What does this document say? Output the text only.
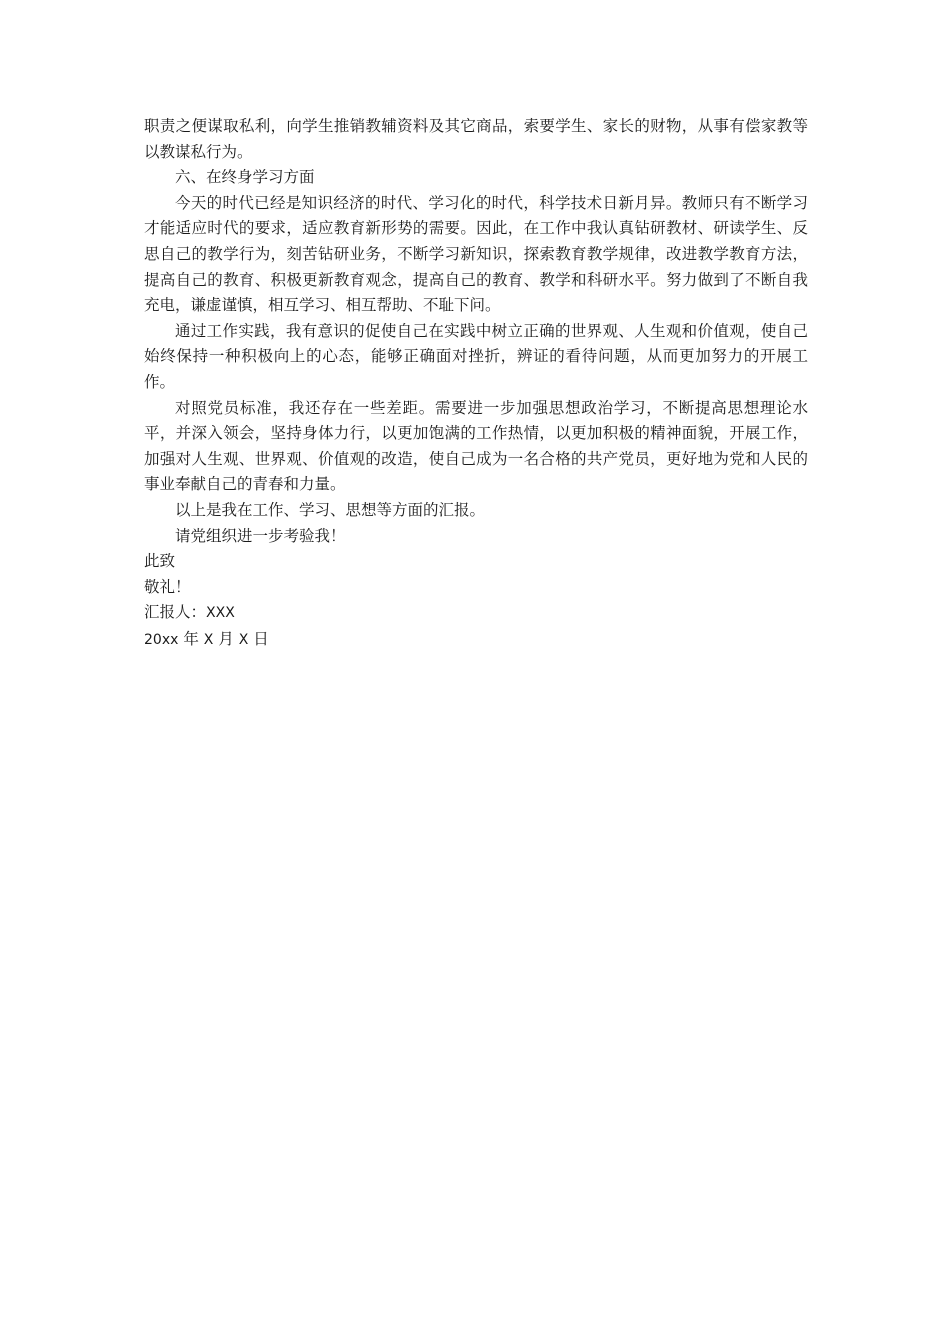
职责之便谋取私利，向学生推销教辅资料及其它商品，索要学生、家长的财物，从事有偿家教等以教谋私行为。

六、在终身学习方面

今天的时代已经是知识经济的时代、学习化的时代，科学技术日新月异。教师只有不断学习才能适应时代的要求，适应教育新形势的需要。因此，在工作中我认真钻研教材、研读学生、反思自己的教学行为，刻苦钻研业务，不断学习新知识，探索教育教学规律，改进教学教育方法，提高自己的教育、积极更新教育观念，提高自己的教育、教学和科研水平。努力做到了不断自我充电，谦虚谨慎，相互学习、相互帮助、不耻下问。

通过工作实践，我有意识的促使自己在实践中树立正确的世界观、人生观和价值观，使自己始终保持一种积极向上的心态，能够正确面对挫折，辨证的看待问题，从而更加努力的开展工作。

对照党员标准，我还存在一些差距。需要进一步加强思想政治学习，不断提高思想理论水平，并深入领会，坚持身体力行，以更加饱满的工作热情，以更加积极的精神面貌，开展工作，加强对人生观、世界观、价值观的改造，使自己成为一名合格的共产党员，更好地为党和人民的事业奉献自己的青春和力量。

以上是我在工作、学习、思想等方面的汇报。

请党组织进一步考验我！

此致

敬礼！

汇报人：XXX

20xx 年 X 月 X 日
